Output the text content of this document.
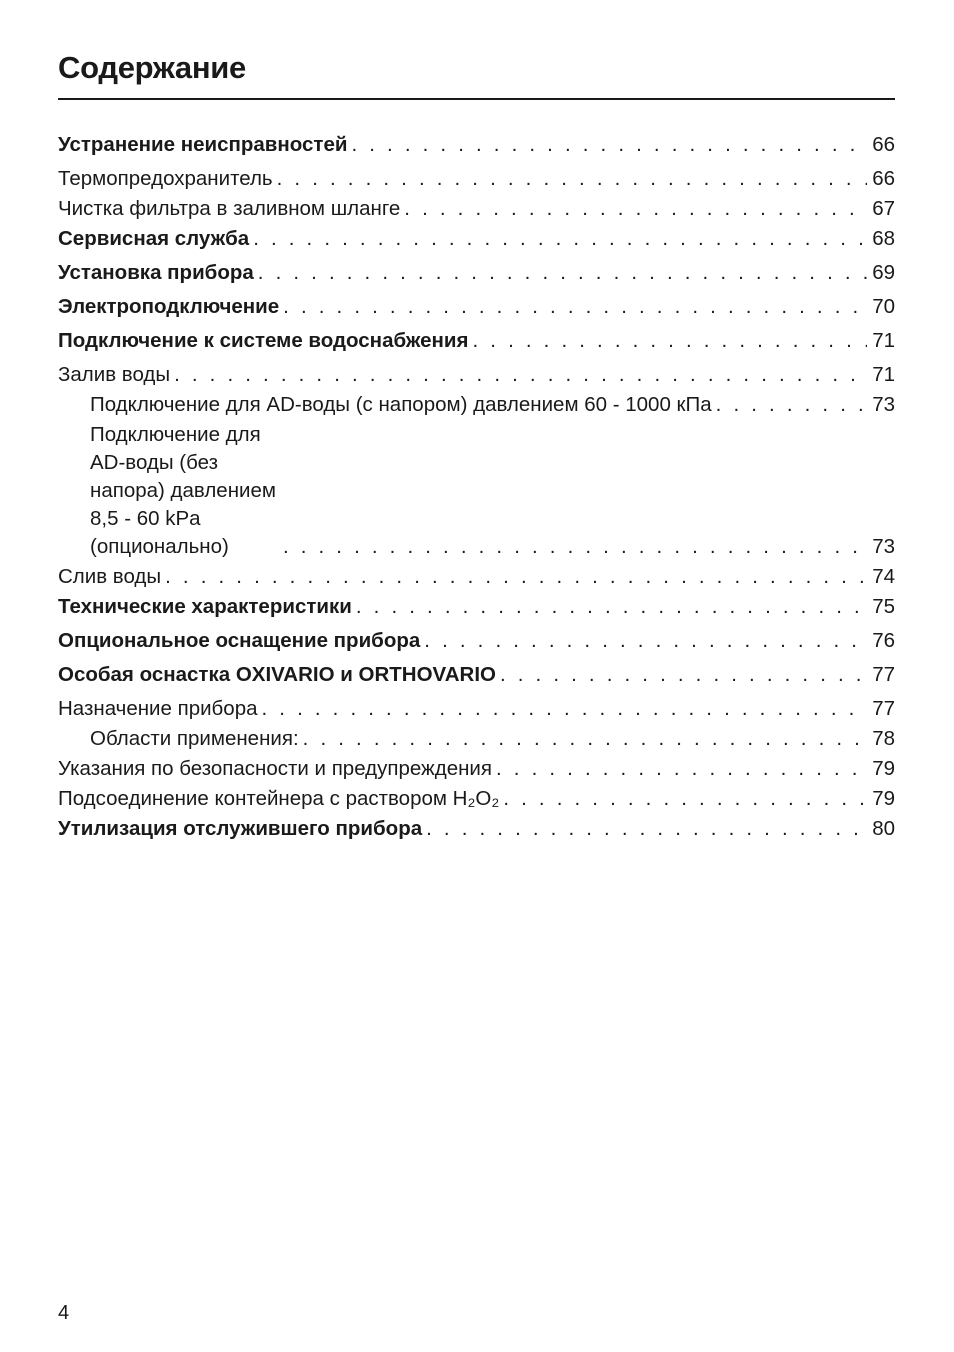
Содержание
Устранение неисправностей . . .	66
Термопредохранитель . . .	66
Чистка фильтра в заливном шланге . . .	67
Сервисная служба . . .	68
Установка прибора . . .	69
Электроподключение . . .	70
Подключение к системе водоснабжения . . .	71
Залив воды . . .	71
Подключение для AD-воды (с напором) давлением 60 - 1000 кПа . . .	73
Подключение для AD-воды (без напора) давлением 8,5 - 60 kPa (опционально) . . .	73
Слив воды . . .	74
Технические характеристики . . .	75
Опциональное оснащение прибора . . .	76
Особая оснастка OXIVARIO и ORTHOVARIO . . .	77
Назначение прибора . . .	77
Области применения: . . .	78
Указания по безопасности и предупреждения . . .	79
Подсоединение контейнера с раствором H₂O₂ . . .	79
Утилизация отслужившего прибора . . .	80
4
